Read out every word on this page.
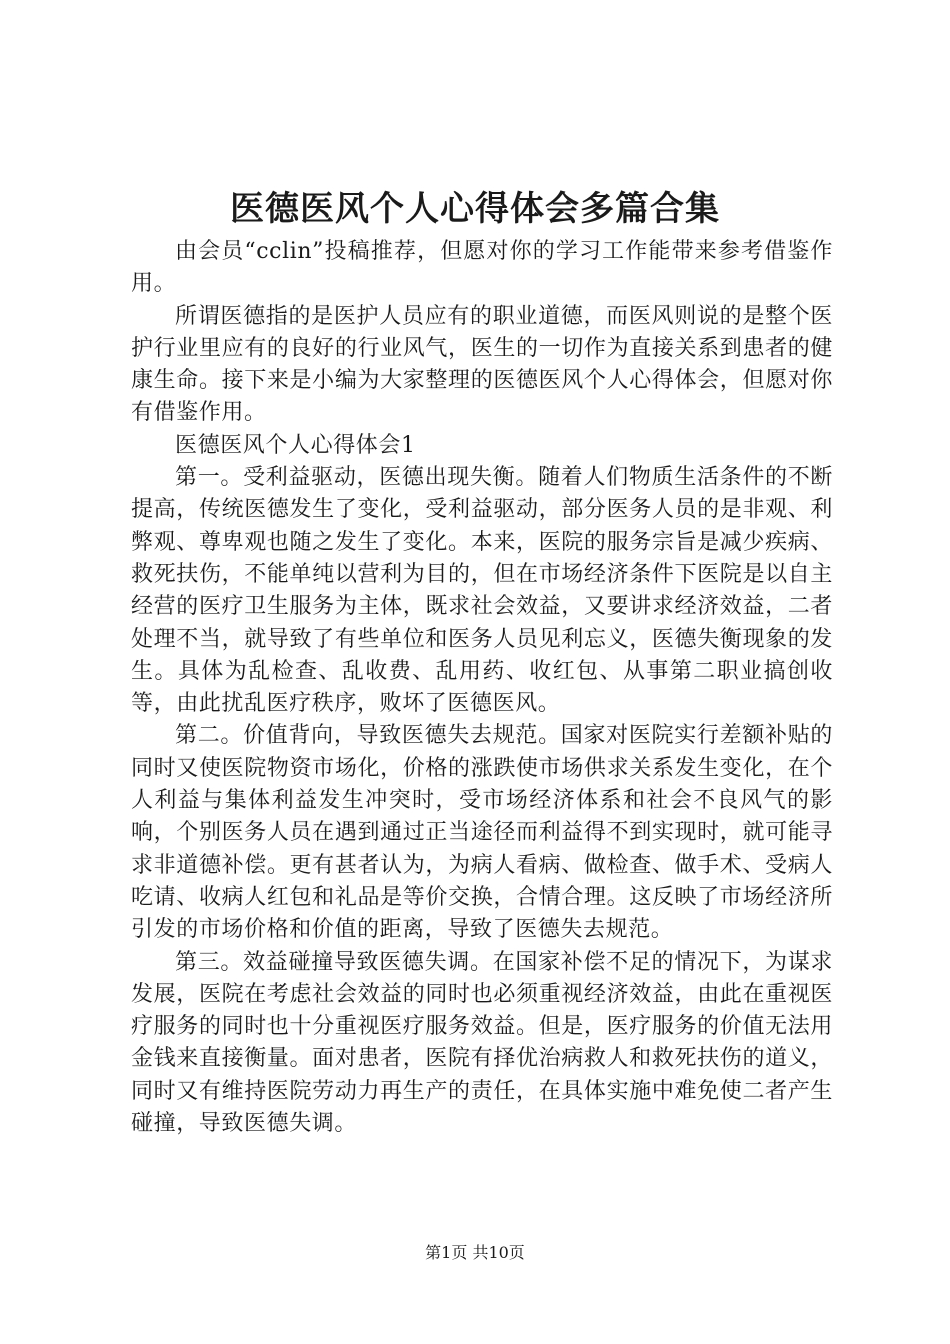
医德医风个人心得体会多篇合集

由会员“cclin”投稿推荐，但愿对你的学习工作能带来参考借鉴作用。

所谓医德指的是医护人员应有的职业道德，而医风则说的是整个医护行业里应有的良好的行业风气，医生的一切作为直接关系到患者的健康生命。接下来是小编为大家整理的医德医风个人心得体会，但愿对你有借鉴作用。

医德医风个人心得体会1

第一。受利益驱动，医德出现失衡。随着人们物质生活条件的不断提高，传统医德发生了变化，受利益驱动，部分医务人员的是非观、利弊观、尊卑观也随之发生了变化。本来，医院的服务宗旨是减少疾病、救死扶伤，不能单纯以营利为目的，但在市场经济条件下医院是以自主经营的医疗卫生服务为主体，既求社会效益，又要讲求经济效益，二者处理不当，就导致了有些单位和医务人员见利忘义，医德失衡现象的发生。具体为乱检查、乱收费、乱用药、收红包、从事第二职业搞创收等，由此扰乱医疗秩序，败坏了医德医风。

第二。价值背向，导致医德失去规范。国家对医院实行差额补贴的同时又使医院物资市场化，价格的涨跌使市场供求关系发生变化，在个人利益与集体利益发生冲突时，受市场经济体系和社会不良风气的影响，个别医务人员在遇到通过正当途径而利益得不到实现时，就可能寻求非道德补偿。更有甚者认为，为病人看病、做检查、做手术、受病人吃请、收病人红包和礼品是等价交换，合情合理。这反映了市场经济所引发的市场价格和价值的距离，导致了医德失去规范。

第三。效益碰撞导致医德失调。在国家补偿不足的情况下，为谋求发展，医院在考虑社会效益的同时也必须重视经济效益，由此在重视医疗服务的同时也十分重视医疗服务效益。但是，医疗服务的价值无法用金钱来直接衡量。面对患者，医院有择优治病救人和救死扶伤的道义，同时又有维持医院劳动力再生产的责任，在具体实施中难免使二者产生碰撞，导致医德失调。

第1页 共10页
